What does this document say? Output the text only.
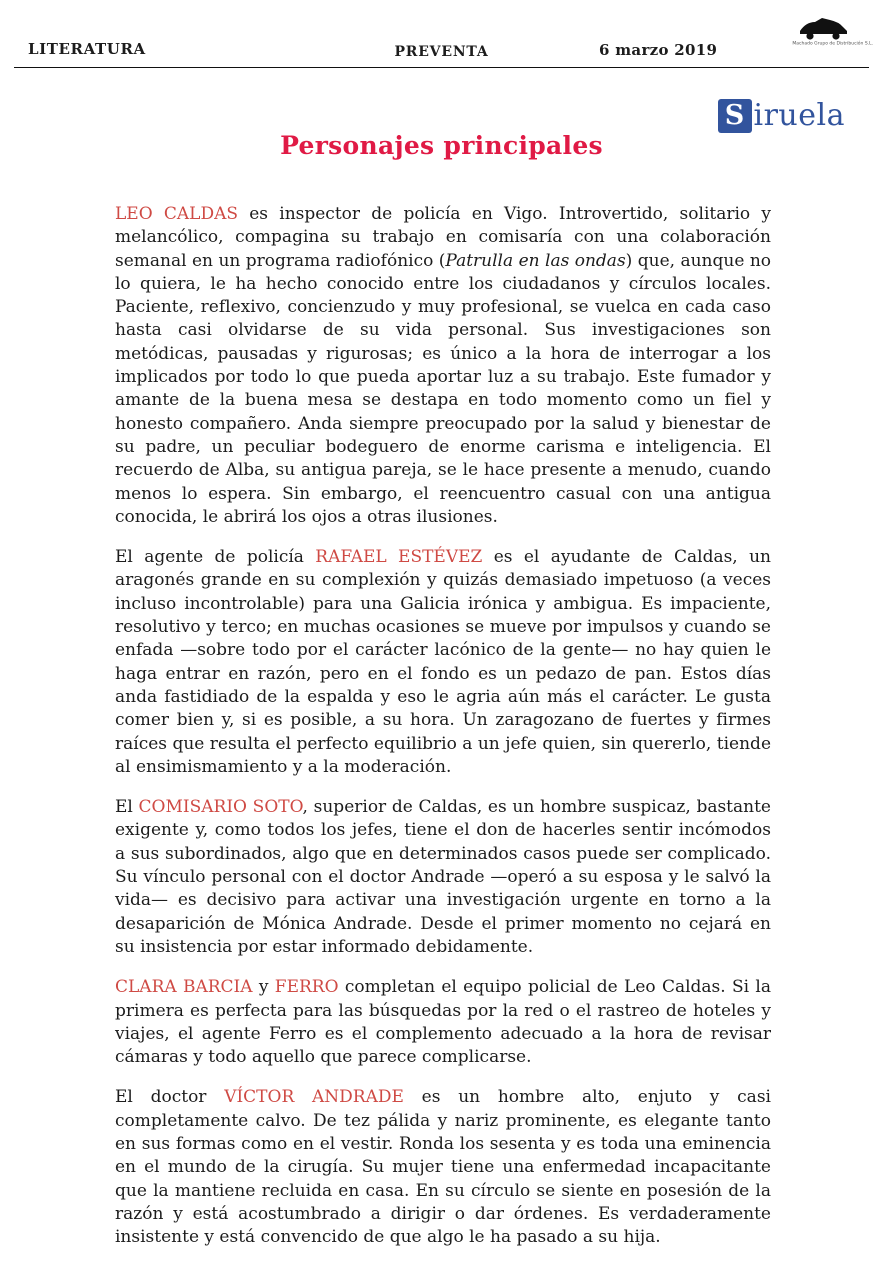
LITERATURA	PREVENTA	6 marzo 2019	Machado Grupo de Distribución S.L.
S iruela
Personajes principales

LEO CALDAS es inspector de policía en Vigo. Introvertido, solitario y melancólico, compagina su trabajo en comisaría con una colaboración semanal en un programa radiofónico (Patrulla en las ondas) que, aunque no lo quiera, le ha hecho conocido entre los ciudadanos y círculos locales. Paciente, reflexivo, concienzudo y muy profesional, se vuelca en cada caso hasta casi olvidarse de su vida personal. Sus investigaciones son metódicas, pausadas y rigurosas; es único a la hora de interrogar a los implicados por todo lo que pueda aportar luz a su trabajo. Este fumador y amante de la buena mesa se destapa en todo momento como un fiel y honesto compañero. Anda siempre preocupado por la salud y bienestar de su padre, un peculiar bodeguero de enorme carisma e inteligencia. El recuerdo de Alba, su antigua pareja, se le hace presente a menudo, cuando menos lo espera. Sin embargo, el reencuentro casual con una antigua conocida, le abrirá los ojos a otras ilusiones.

El agente de policía RAFAEL ESTÉVEZ es el ayudante de Caldas, un aragonés grande en su complexión y quizás demasiado impetuoso (a veces incluso incontrolable) para una Galicia irónica y ambigua. Es impaciente, resolutivo y terco; en muchas ocasiones se mueve por impulsos y cuando se enfada —sobre todo por el carácter lacónico de la gente— no hay quien le haga entrar en razón, pero en el fondo es un pedazo de pan. Estos días anda fastidiado de la espalda y eso le agria aún más el carácter. Le gusta comer bien y, si es posible, a su hora. Un zaragozano de fuertes y firmes raíces que resulta el perfecto equilibrio a un jefe quien, sin quererlo, tiende al ensimismamiento y a la moderación.

El COMISARIO SOTO, superior de Caldas, es un hombre suspicaz, bastante exigente y, como todos los jefes, tiene el don de hacerles sentir incómodos a sus subordinados, algo que en determinados casos puede ser complicado. Su vínculo personal con el doctor Andrade —operó a su esposa y le salvó la vida— es decisivo para activar una investigación urgente en torno a la desaparición de Mónica Andrade. Desde el primer momento no cejará en su insistencia por estar informado debidamente.

CLARA BARCIA y FERRO completan el equipo policial de Leo Caldas. Si la primera es perfecta para las búsquedas por la red o el rastreo de hoteles y viajes, el agente Ferro es el complemento adecuado a la hora de revisar cámaras y todo aquello que parece complicarse.

El doctor VÍCTOR ANDRADE es un hombre alto, enjuto y casi completamente calvo. De tez pálida y nariz prominente, es elegante tanto en sus formas como en el vestir. Ronda los sesenta y es toda una eminencia en el mundo de la cirugía. Su mujer tiene una enfermedad incapacitante que la mantiene recluida en casa. En su círculo se siente en posesión de la razón y está acostumbrado a dirigir o dar órdenes. Es verdaderamente insistente y está convencido de que algo le ha pasado a su hija.
